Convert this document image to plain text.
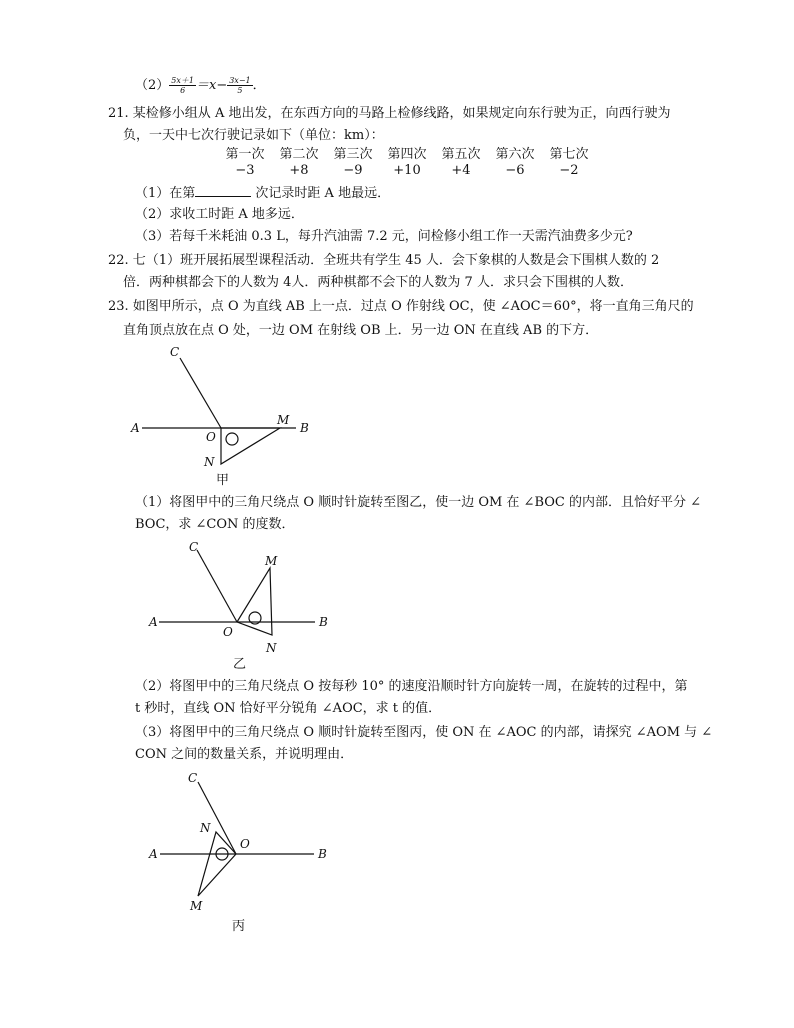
$(2) \frac{5x+1}{6} =x- \frac{3x-1}{5}$ ．
21. 某检修小组从 A 地出发，在东西方向的马路上检修线路，如果规定向东行驶为正，向西行驶为
负，一天中七次行驶记录如下（单位：km）：
第一次	第二次	第三次	第四次	第五次	第六次	第七次
−3	+8	−9	+10	+4	−6	−2
（1）在第	次记录时距 A 地最远．
（2）求收工时距 A 地多远．
（3）若每千米耗油 0.3 L，每升汽油需 7.2 元，问检修小组工作一天需汽油费多少元?
22. 七（1）班开展拓展型课程活动．全班共有学生 45 人．会下象棋的人数是会下围棋人数的 2
倍．两种棋都会下的人数为 4人．两种棋都不会下的人数为 7 人．求只会下围棋的人数．
23. 如图甲所示，点 O 为直线 AB 上一点．过点 O 作射线 OC，使 ∠AOC＝60°，将一直角三角尺的
直角顶点放在点 O 处，一边 OM 在射线 OB 上．另一边 ON 在直线 AB 的下方．
C
A
O
M
B
N
甲
（1）将图甲中的三角尺绕点 O 顺时针旋转至图乙，使一边 OM 在 ∠BOC 的内部．且恰好平分 ∠
BOC，求 ∠CON 的度数．
C
M
A
O
B
N
乙
（2）将图甲中的三角尺绕点 O 按每秒 10° 的速度沿顺时针方向旋转一周，在旋转的过程中，第
t 秒时，直线 ON 恰好平分锐角 ∠AOC，求 t 的值．
（3）将图甲中的三角尺绕点 O 顺时针旋转至图丙，使 ON 在 ∠AOC 的内部，请探究 ∠AOM 与 ∠
CON 之间的数量关系，并说明理由．
C
N
O
A	B
M
丙
